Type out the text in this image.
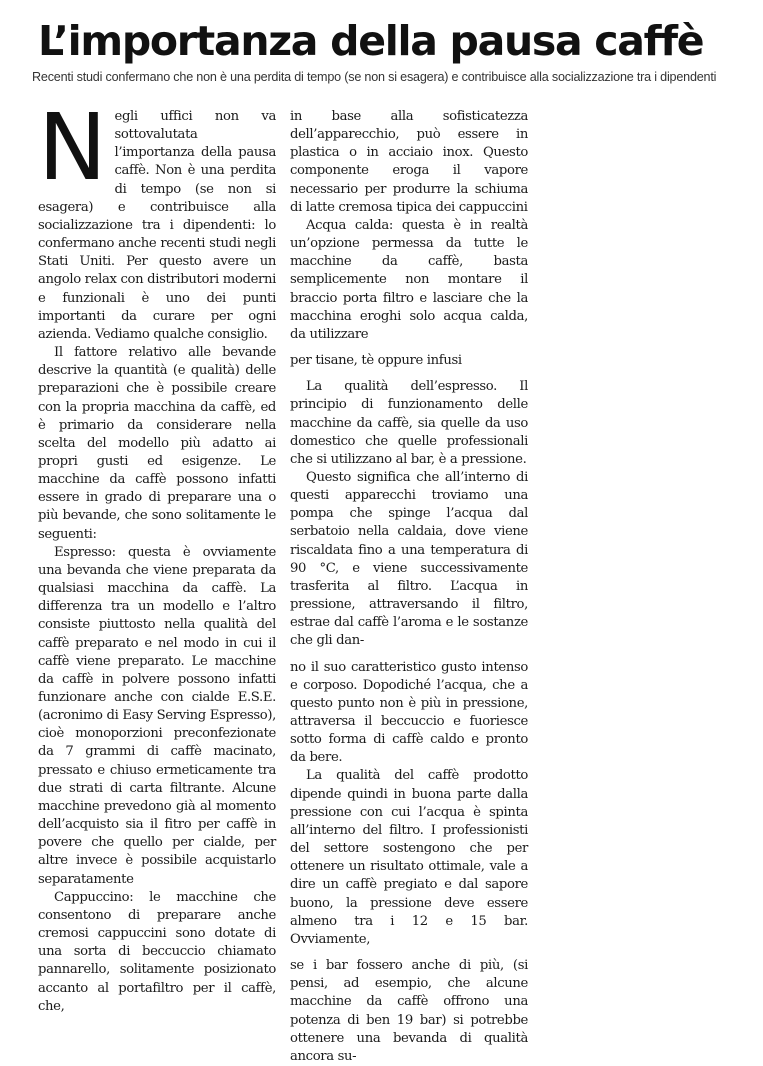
L’importanza della pausa caffè

Recenti studi confermano che non è una perdita di tempo (se non si esagera) e contribuisce alla socializzazione tra i dipendenti

Negli uffici non va sottovalutata l’importanza della pausa caffè. Non è una perdita di tempo (se non si esagera) e contribuisce alla socializzazione tra i dipendenti: lo confermano anche recenti studi negli Stati Uniti. Per questo avere un angolo relax con distributori moderni e funzionali è uno dei punti importanti da curare per ogni azienda. Vediamo qualche consiglio.

Il fattore relativo alle bevande descrive la quantità (e qualità) delle preparazioni che è possibile creare con la propria macchina da caffè, ed è primario da considerare nella scelta del modello più adatto ai propri gusti ed esigenze. Le macchine da caffè possono infatti essere in grado di preparare una o più bevande, che sono solitamente le seguenti:

Espresso: questa è ovviamente una bevanda che viene preparata da qualsiasi macchina da caffè. La differenza tra un modello e l’altro consiste piuttosto nella qualità del caffè preparato e nel modo in cui il caffè viene preparato. Le macchine da caffè in polvere possono infatti funzionare anche con cialde E.S.E. (acronimo di Easy Serving Espresso), cioè monoporzioni preconfezionate da 7 grammi di caffè macinato, pressato e chiuso ermeticamente tra due strati di carta filtrante. Alcune macchine prevedono già al momento dell’acquisto sia il fitro per caffè in povere che quello per cialde, per altre invece è possibile acquistarlo separatamente

Cappuccino: le macchine che consentono di preparare anche cremosi cappuccini sono dotate di una sorta di beccuccio chiamato pannarello, solitamente posizionato accanto al portafiltro per il caffè, che,

in base alla sofisticatezza dell’apparecchio, può essere in plastica o in acciaio inox. Questo componente eroga il vapore necessario per produrre la schiuma di latte cremosa tipica dei cappuccini

Acqua calda: questa è in realtà un’opzione permessa da tutte le macchine da caffè, basta semplicemente non montare il braccio porta filtro e lasciare che la macchina eroghi solo acqua calda, da utilizzare

per tisane, tè oppure infusi

La qualità dell’espresso. Il principio di funzionamento delle macchine da caffè, sia quelle da uso domestico che quelle professionali che si utilizzano al bar, è a pressione.

Questo significa che all’interno di questi apparecchi troviamo una pompa che spinge l’acqua dal serbatoio nella caldaia, dove viene riscaldata fino a una temperatura di 90 °C, e viene successivamente trasferita al filtro. L’acqua in pressione, attraversando il filtro, estrae dal caffè l’aroma e le sostanze che gli dan-

no il suo caratteristico gusto intenso e corposo. Dopodiché l’acqua, che a questo punto non è più in pressione, attraversa il beccuccio e fuoriesce sotto forma di caffè caldo e pronto da bere.

La qualità del caffè prodotto dipende quindi in buona parte dalla pressione con cui l’acqua è spinta all’interno del filtro. I professionisti del settore sostengono che per ottenere un risultato ottimale, vale a dire un caffè pregiato e dal sapore buono, la pressione deve essere almeno tra i 12 e 15 bar. Ovviamente,

se i bar fossero anche di più, (si pensi, ad esempio, che alcune macchine da caffè offrono una potenza di ben 19 bar) si potrebbe ottenere una bevanda di qualità ancora su-
